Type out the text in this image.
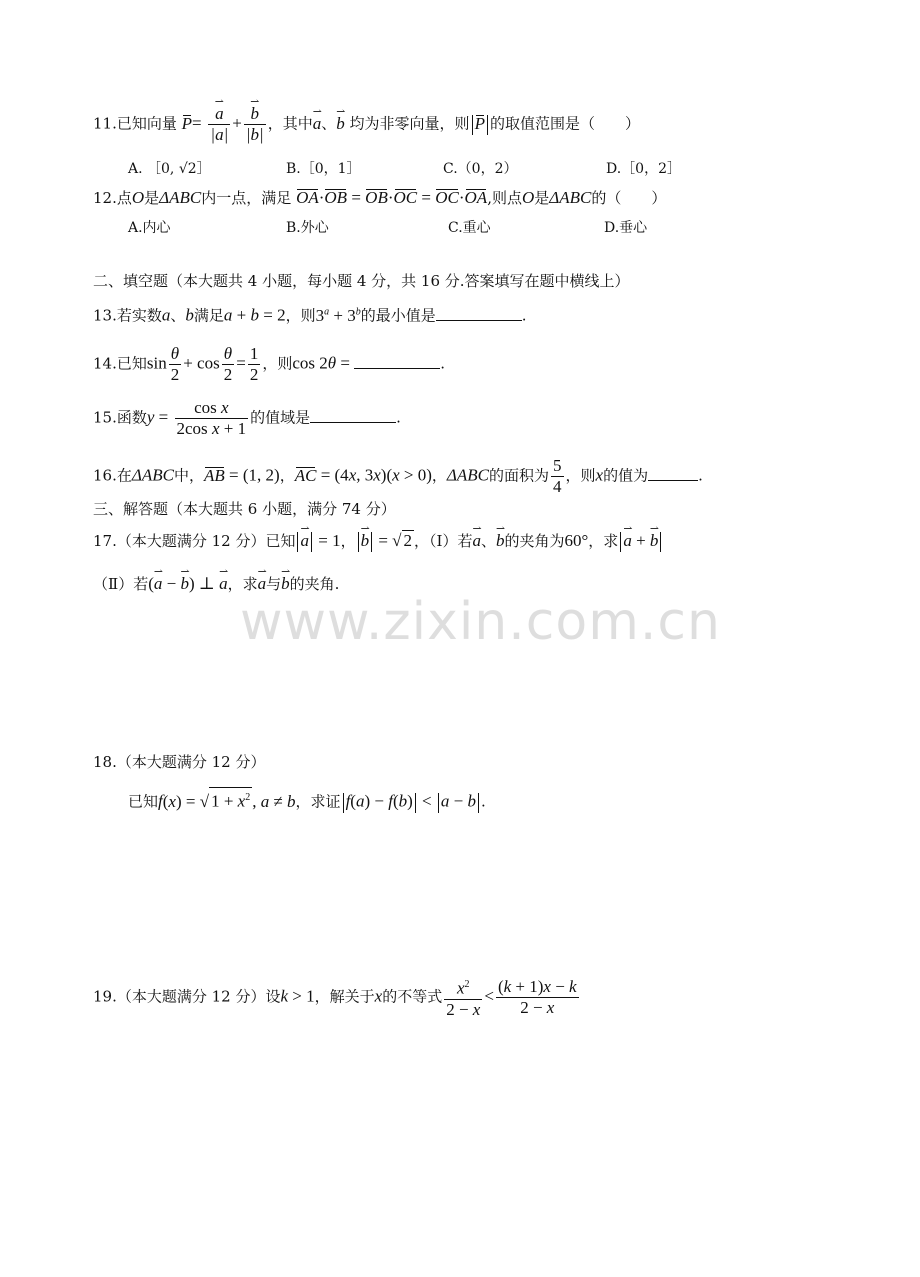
11.已知向量 P= ⇀ $\frac{a}{|a|}$ + ⇀ $\frac{b}{|b|}$ ，其中⇀ a、⇀ b 均为非零向量，则 P 的取值范围是（　　）
A. ［0, √2］	B.［0，1］	C.（0，2）	D.［0，2］
12.点O是ΔABC内一点，满足 OA·OB = OB·OC = OC·OA,则点O是ΔABC的（　　）
A.内心	B.外心	C.重心	D.垂心
二、填空题（本大题共 4 小题，每小题 4 分，共 16 分.答案填写在题中横线上）
13.若实数a、b满足a + b = 2，则$3^a + 3^b$的最小值是	.
14.已知$\sin \frac{\theta}{2} + \cos \frac{\theta}{2} = \frac{1}{2}$ ，则cos 2θ =	.
15.函数$y = \frac{\text{cos x}}{\text{2cos x + 1}}$ 的值域是	.
16.在ΔABC中，AB = (1, 2)，AC = (4x, 3x)(x > 0)，ΔABC的面积为 $\frac{5}{4}$ ，则x的值为	.
三、解答题（本大题共 6 小题，满分 74 分）
17.（本大题满分 12 分）已知 ⇀ a = 1， ⇀ b = √ 2 ，（Ⅰ）若⇀ a、⇀ b的夹角为60°，求 ⇀ a + ⇀ b
（Ⅱ）若(⇀ a − ⇀ b) ⊥ ⇀ a，求⇀ a与⇀ b的夹角.
www.zixin.com.cn
18.（本大题满分 12 分）
已知f(x) = √ $1 + x^2$ , a ≠ b，求证 f(a) − f(b) < a − b .
19.（本大题满分 12 分）设k > 1，解关于x的不等式 $\frac{x^2}{2 - x} < \frac{(k + 1)x - k}{2 - x}$
